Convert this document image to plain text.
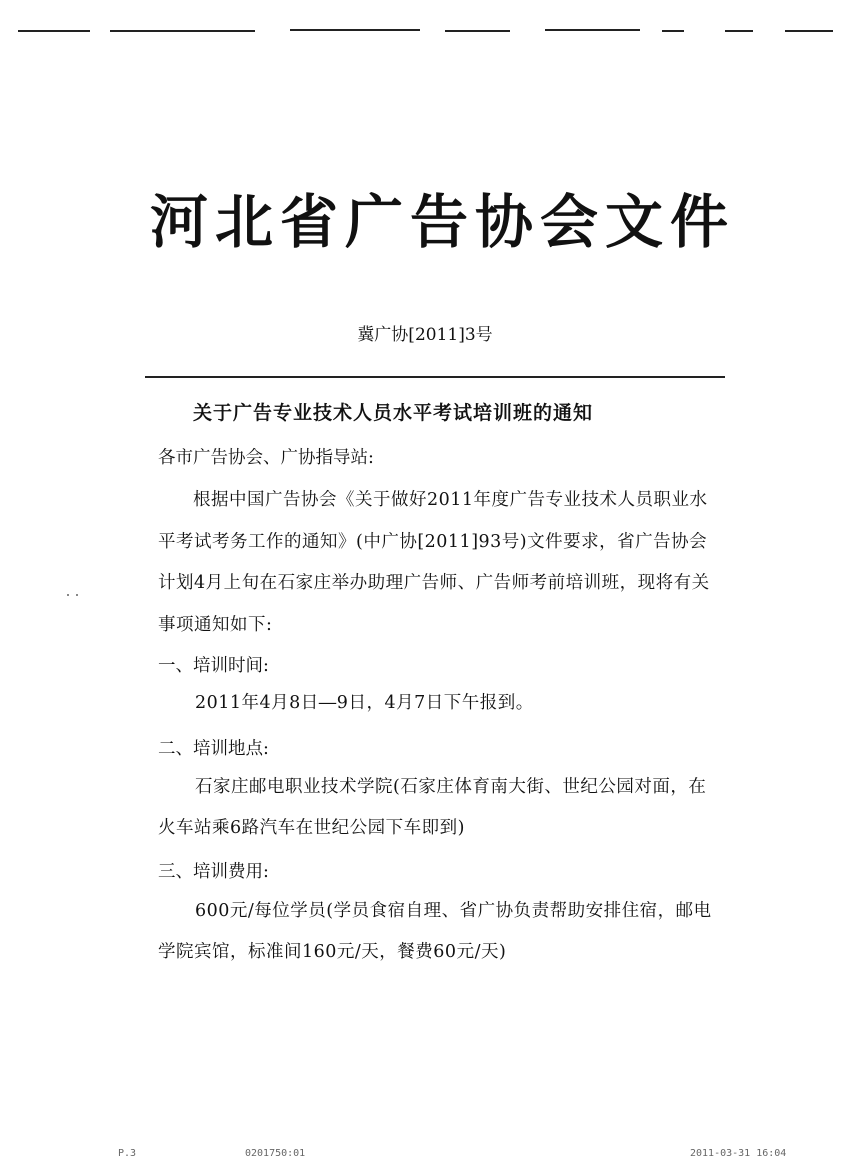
河北省广告协会文件
冀广协[2011]3号
关于广告专业技术人员水平考试培训班的通知
各市广告协会、广协指导站:
根据中国广告协会《关于做好2011年度广告专业技术人员职业水平考试考务工作的通知》(中广协[2011]93号)文件要求，省广告协会计划4月上旬在石家庄举办助理广告师、广告师考前培训班，现将有关事项通知如下:
一、培训时间:
2011年4月8日―9日，4月7日下午报到。
二、培训地点:
石家庄邮电职业技术学院(石家庄体育南大街、世纪公园对面，在火车站乘6路汽车在世纪公园下车即到)
三、培训费用:
600元/每位学员(学员食宿自理、省广协负责帮助安排住宿，邮电学院宾馆，标准间160元/天，餐费60元/天)
P.3	0201750:01	2011-03-31 16:04
